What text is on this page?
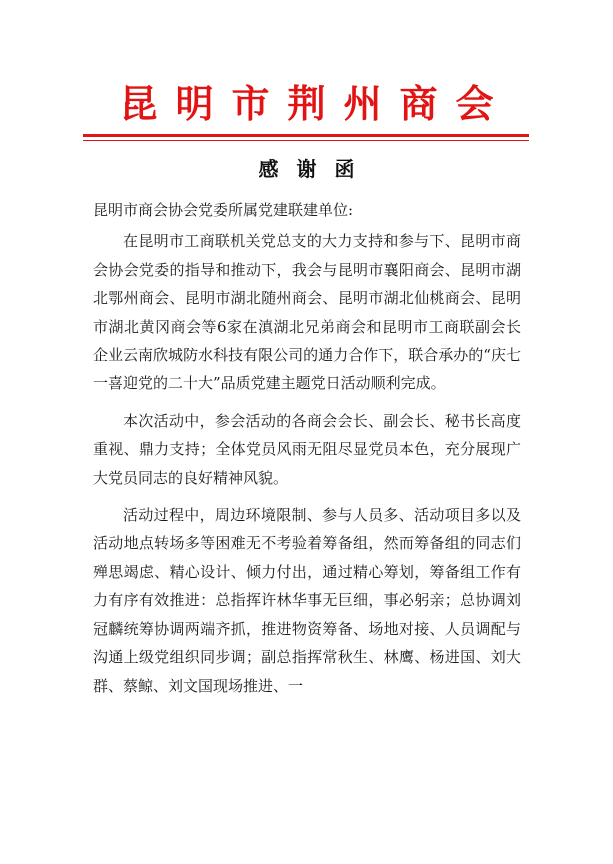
昆明市荆州商会
感谢函

昆明市商会协会党委所属党建联建单位:

在昆明市工商联机关党总支的大力支持和参与下、昆明市商会协会党委的指导和推动下，我会与昆明市襄阳商会、昆明市湖北鄂州商会、昆明市湖北随州商会、昆明市湖北仙桃商会、昆明市湖北黄冈商会等6家在滇湖北兄弟商会和昆明市工商联副会长企业云南欣城防水科技有限公司的通力合作下，联合承办的“庆七一喜迎党的二十大”品质党建主题党日活动顺利完成。

本次活动中，参会活动的各商会会长、副会长、秘书长高度重视、鼎力支持；全体党员风雨无阻尽显党员本色，充分展现广大党员同志的良好精神风貌。

活动过程中，周边环境限制、参与人员多、活动项目多以及活动地点转场多等困难无不考验着筹备组，然而筹备组的同志们殚思竭虑、精心设计、倾力付出，通过精心筹划，筹备组工作有力有序有效推进：总指挥许林华事无巨细，事必躬亲；总协调刘冠麟统筹协调两端齐抓，推进物资筹备、场地对接、人员调配与沟通上级党组织同步调；副总指挥常秋生、林鹰、杨进国、刘大群、蔡鲸、刘文国现场推进、一
